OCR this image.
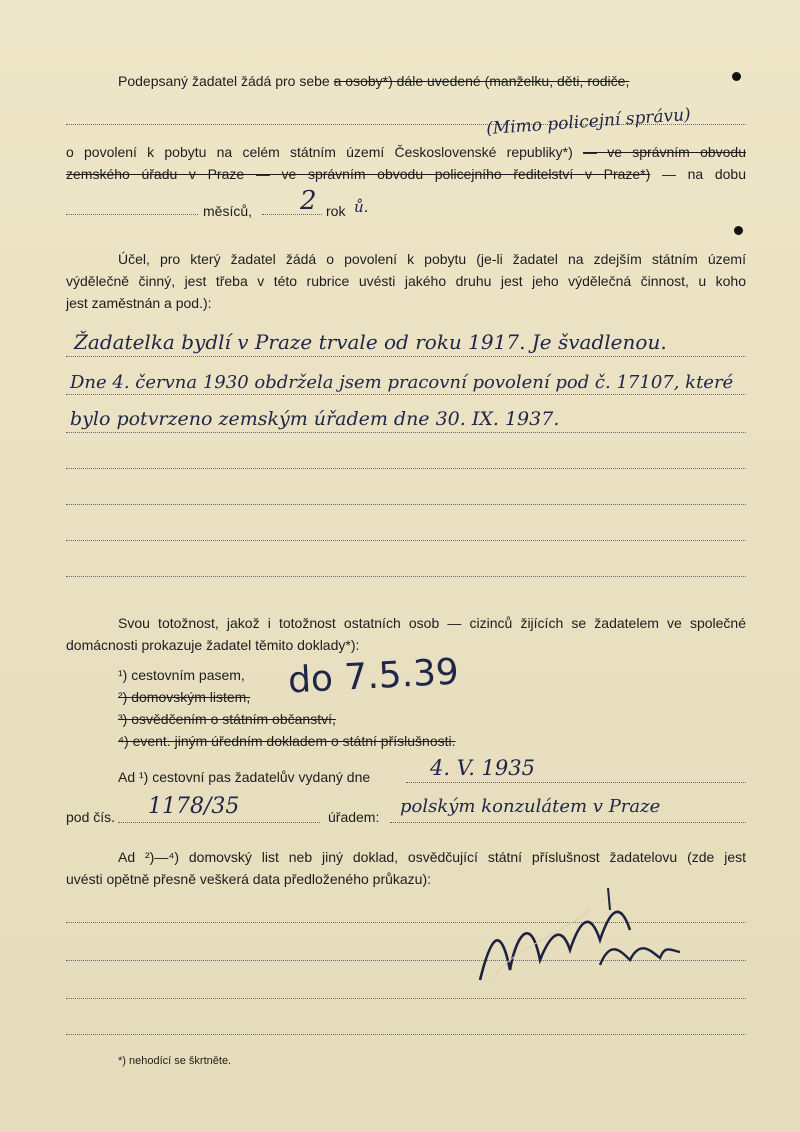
Podepsaný žadatel žádá pro sebe a osoby*) dále uvedené (manželku, děti, rodiče,

(Mimo policejní správu)

o povolení k pobytu na celém státním území Československé republiky*) — ve správním obvodu

zemského úřadu v Praze — ve správním obvodu policejního ředitelství v Praze*) — na dobu

měsíců, 2 rok ů.

Účel, pro který žadatel žádá o povolení k pobytu (je-li žadatel na zdejším státním území

výdělečně činný, jest třeba v této rubrice uvésti jakého druhu jest jeho výdělečná činnost, u koho

jest zaměstnán a pod.):

Žadatelka bydlí v Praze trvale od roku 1917. Je švadlenou.
Dne 4. června 1930 obdržela jsem pracovní povolení pod č. 17107, které
bylo potvrzeno zemským úřadem dne 30. IX. 1937.

Svou totožnost, jakož i totožnost ostatních osob — cizinců žijících se žadatelem ve společné

domácnosti prokazuje žadatel těmito doklady*):

¹) cestovním pasem,

²) domovským listem,

³) osvědčením o státním občanství,

⁴) event. jiným úředním dokladem o státní příslušnosti.

do 7.5.39

Ad ¹) cestovní pas žadatelův vydaný dne	4. V. 1935
pod čís. 1178/35	úřadem: polským konzulátem v Praze

Ad ²)—⁴) domovský list neb jiný doklad, osvědčující státní příslušnost žadatelovu (zde jest

uvésti opětně přesně veškerá data předloženého průkazu):

*) nehodící se škrtněte.
